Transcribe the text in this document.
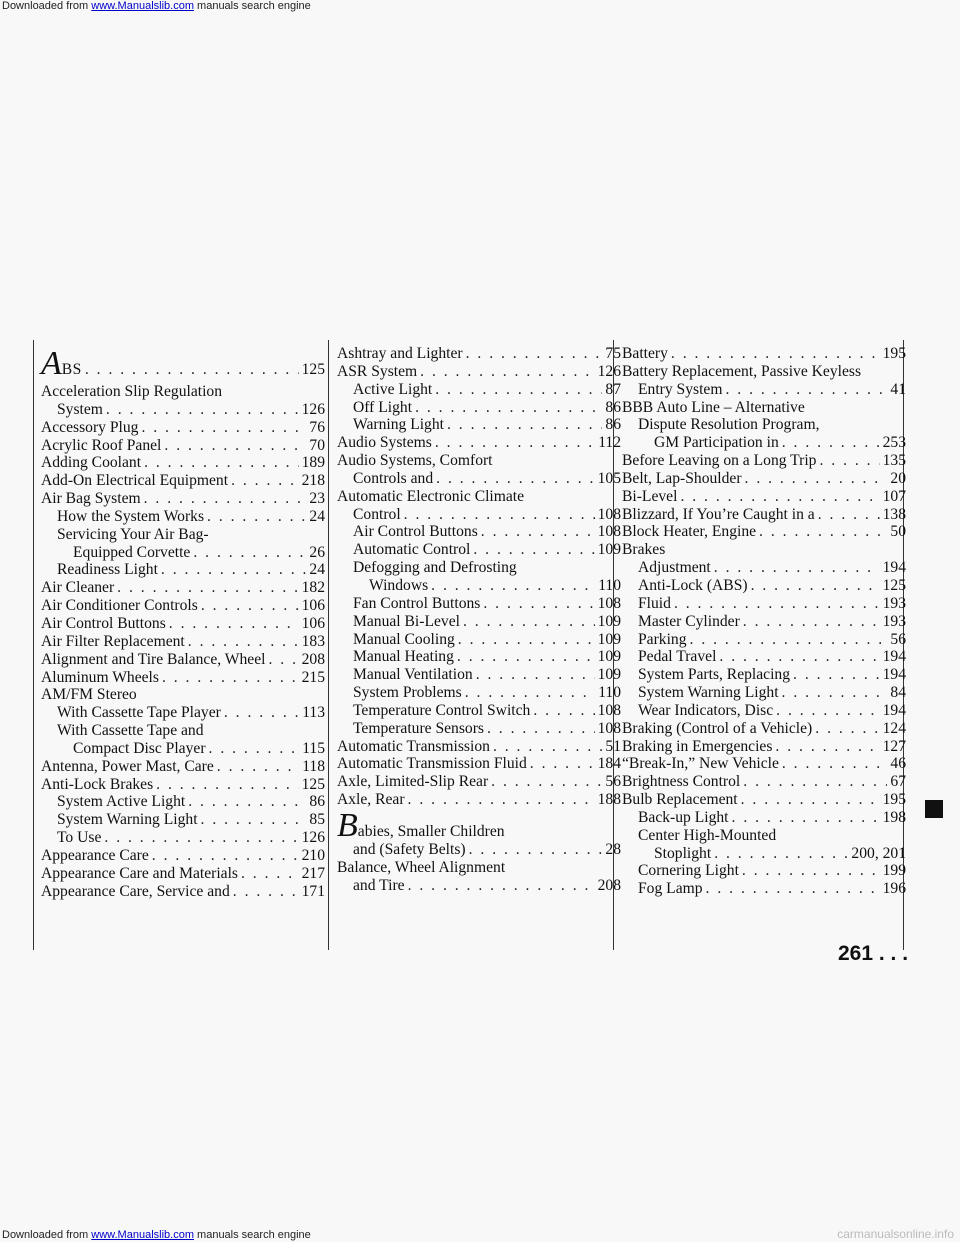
Downloaded from www.Manualslib.com manuals search engine
A BS . . .	125
Acceleration Slip Regulation
System . . .	126
Accessory Plug . . .	76
Acrylic Roof Panel . . .	70
Adding Coolant . . .	189
Add-On Electrical Equipment . . .	218
Air Bag System . . .	23
How the System Works . . .	24
Servicing Your Air Bag-
Equipped Corvette . . .	26
Readiness Light . . .	24
Air Cleaner . . .	182
Air Conditioner Controls . . .	106
Air Control Buttons . . .	106
Air Filter Replacement . . .	183
Alignment and Tire Balance, Wheel . . . 208
Aluminum Wheels . . .	215
AM/FM Stereo
With Cassette Tape Player . . .	113
With Cassette Tape and
Compact Disc Player . . .	115
Antenna, Power Mast, Care . . .	118
Anti-Lock Brakes . . .	125
System Active Light . . .	86
System Warning Light . . .	85
To Use . . .	126
Appearance Care . . .	210
Appearance Care and Materials . . .	217
Appearance Care, Service and . . .	171
Ashtray and Lighter . . .	75
ASR System . . .	126
Active Light . . .	87
Off Light . . .	86
Warning Light . . .	86
Audio Systems . . .	112
Audio Systems, Comfort
Controls and . . .	105
Automatic Electronic Climate
Control . . .	108
Air Control Buttons . . .	108
Automatic Control . . .	109
Defogging and Defrosting
Windows . . .	110
Fan Control Buttons . . .	108
Manual Bi-Level . . .	109
Manual Cooling . . .	109
Manual Heating . . .	109
Manual Ventilation . . .	109
System Problems . . .	110
Temperature Control Switch . . .	108
Temperature Sensors . . .	108
Automatic Transmission . . .	51
Automatic Transmission Fluid . . .	184
Axle, Limited-Slip Rear . . .	56
Axle, Rear . . .	188
B abies, Smaller Children
and (Safety Belts) . . .	28
Balance, Wheel Alignment
and Tire . . .	208
Battery . . .	195
Battery Replacement, Passive Keyless
Entry System . . .	41
BBB Auto Line – Alternative
Dispute Resolution Program,
GM Participation in . . .	253
Before Leaving on a Long Trip . . .	135
Belt, Lap-Shoulder . . .	20
Bi-Level . . .	107
Blizzard, If You’re Caught in a . . .	138
Block Heater, Engine . . .	50
Brakes
Adjustment . . .	194
Anti-Lock (ABS) . . .	125
Fluid . . .	193
Master Cylinder . . .	193
Parking . . .	56
Pedal Travel . . .	194
System Parts, Replacing . . .	194
System Warning Light . . .	84
Wear Indicators, Disc . . .	194
Braking (Control of a Vehicle) . . .	124
Braking in Emergencies . . .	127
“Break-In,” New Vehicle . . .	46
Brightness Control . . .	67
Bulb Replacement . . .	195
Back-up Light . . .	198
Center High-Mounted
Stoplight . . .	200, 201
Cornering Light . . .	199
Fog Lamp . . .	196
261 . . .
Downloaded from www.Manualslib.com manuals search engine	carmanualsonline.info
